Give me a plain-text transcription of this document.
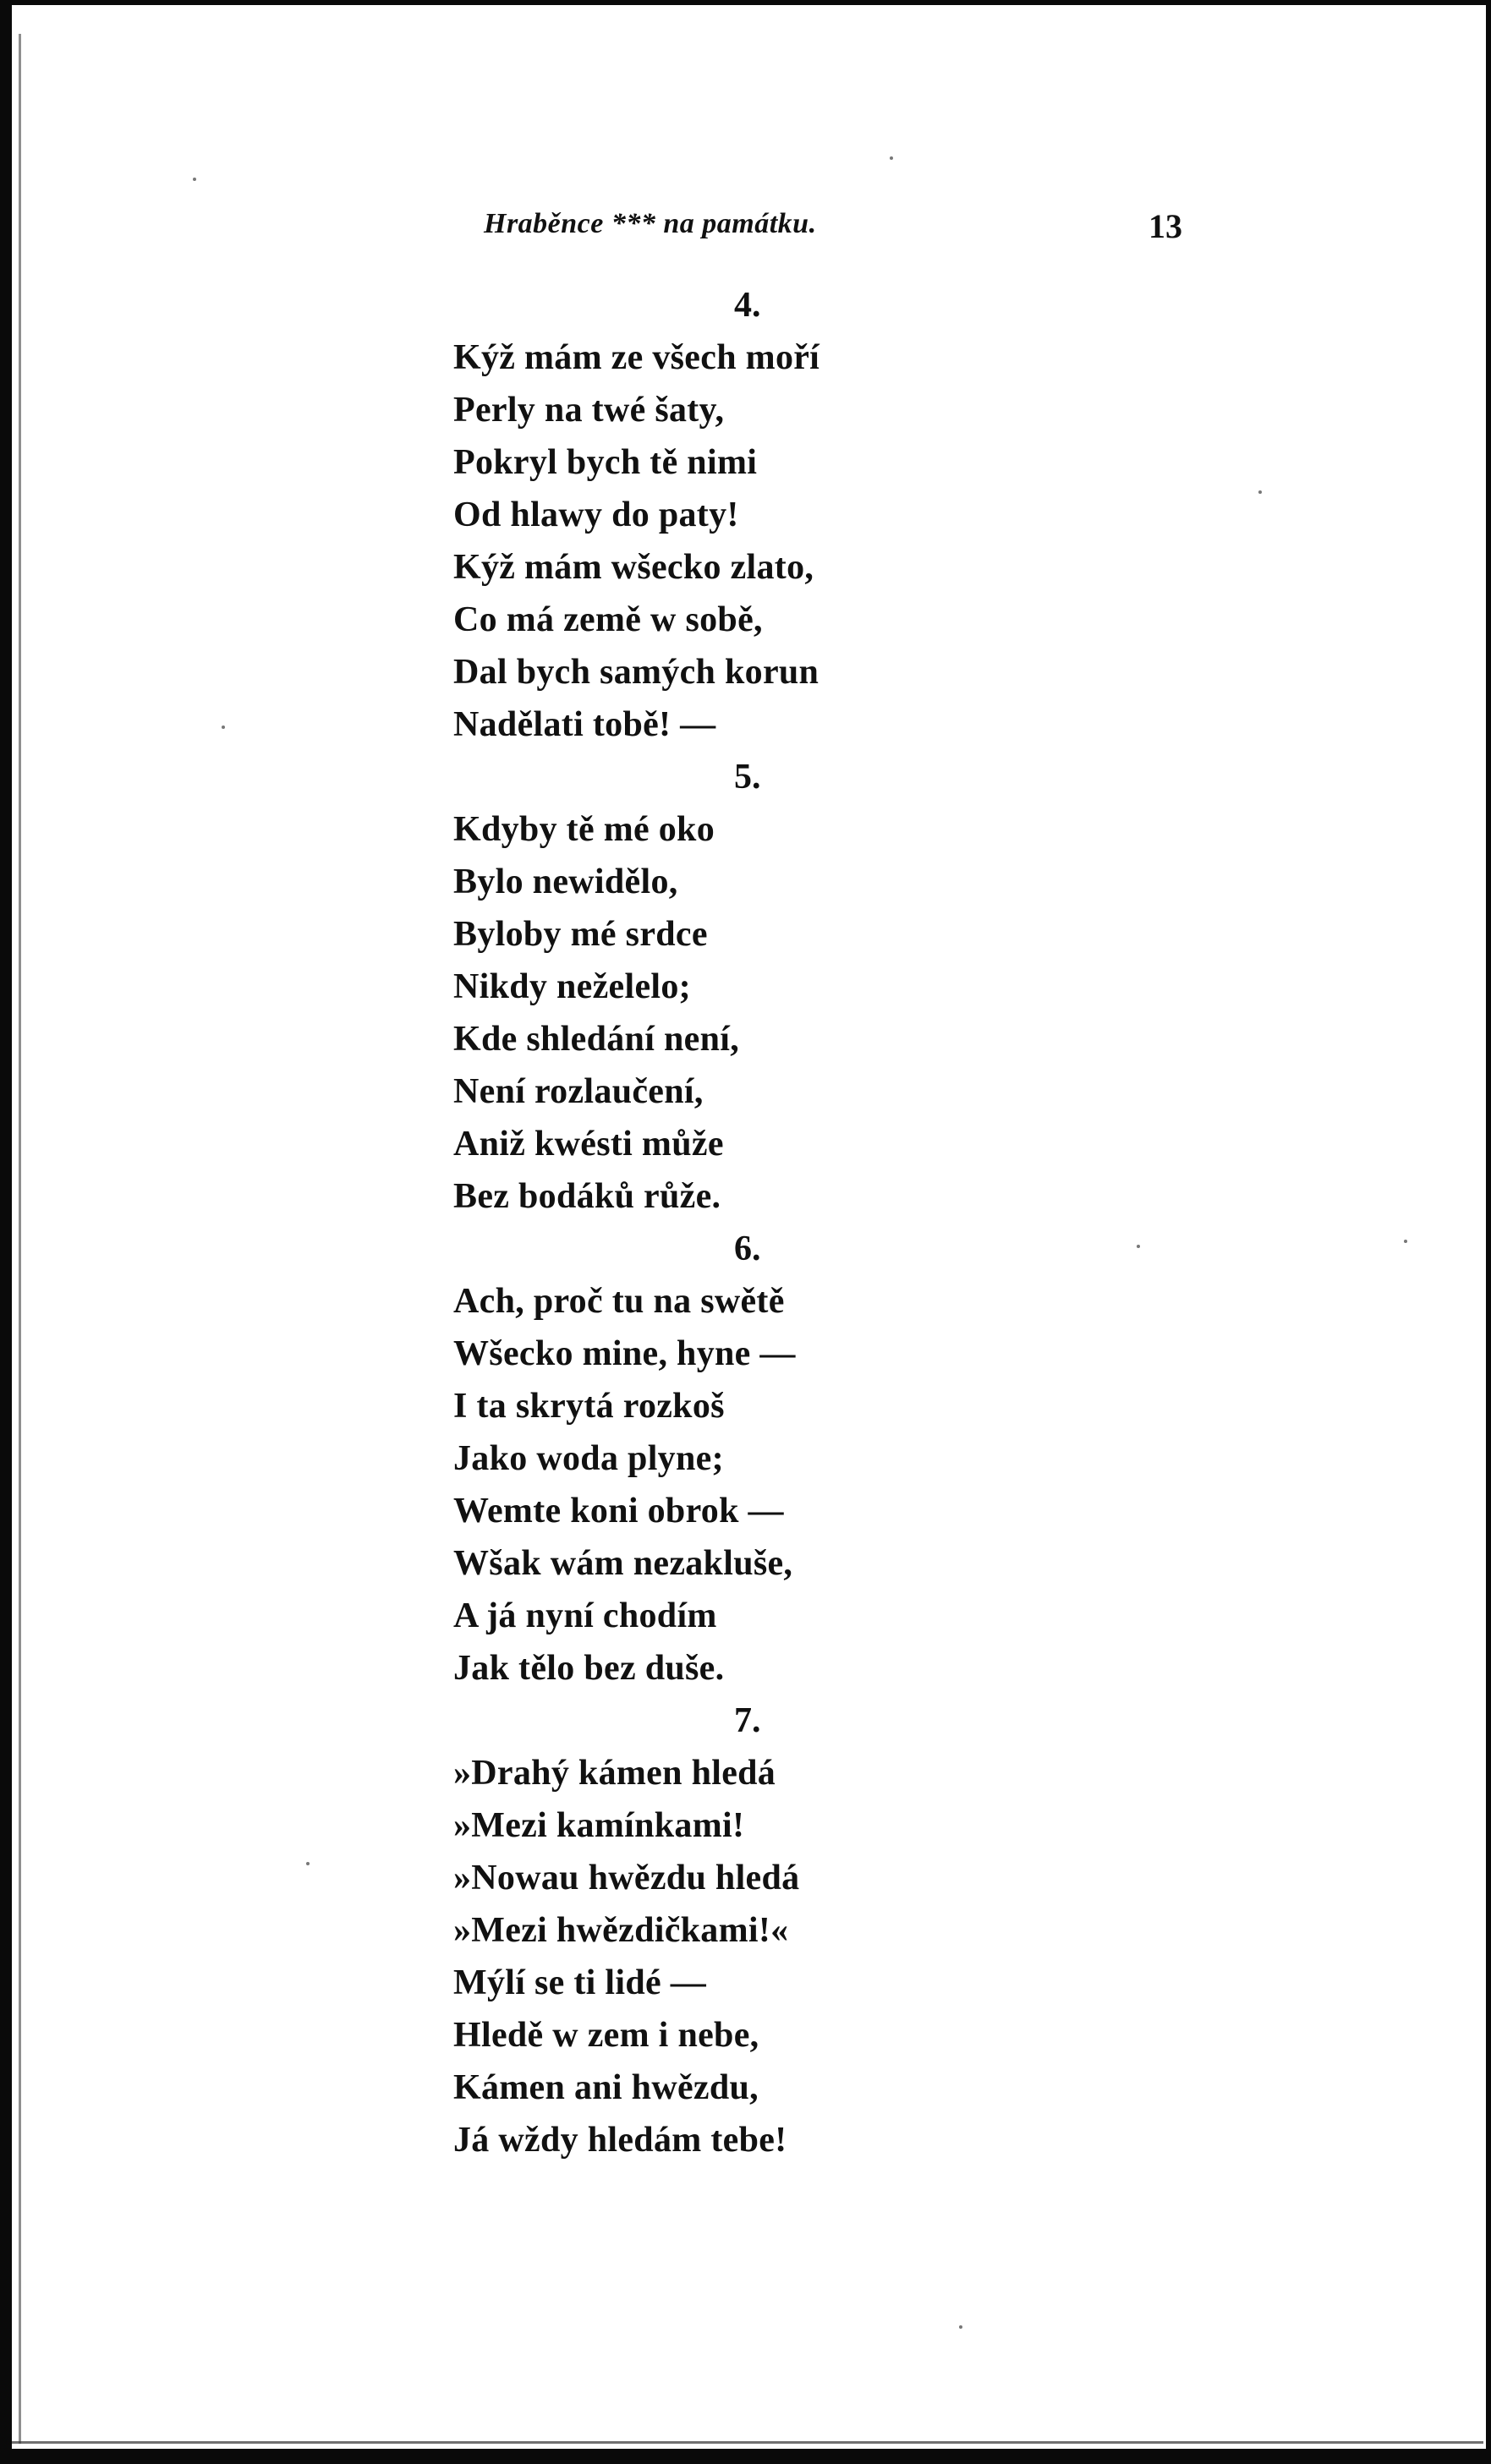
Hraběnce *** na památku.	13
4.
Kýž mám ze všech moří
Perly na twé šaty,
Pokryl bych tě nimi
Od hlawy do paty!
Kýž mám wšecko zlato,
Co má země w sobě,
Dal bych samých korun
Nadělati tobě! —
5.
Kdyby tě mé oko
Bylo newidělo,
Byloby mé srdce
Nikdy neželelo;
Kde shledání není,
Není rozlaučení,
Aniž kwésti může
Bez bodáků růže.
6.
Ach, proč tu na swětě
Wšecko mine, hyne —
I ta skrytá rozkoš
Jako woda plyne;
Wemte koni obrok —
Wšak wám nezakluše,
A já nyní chodím
Jak tělo bez duše.
7.
»Drahý kámen hledá
»Mezi kamínkami!
»Nowau hwězdu hledá
»Mezi hwězdičkami!«
Mýlí se ti lidé —
Hledě w zem i nebe,
Kámen ani hwězdu,
Já wždy hledám tebe!
